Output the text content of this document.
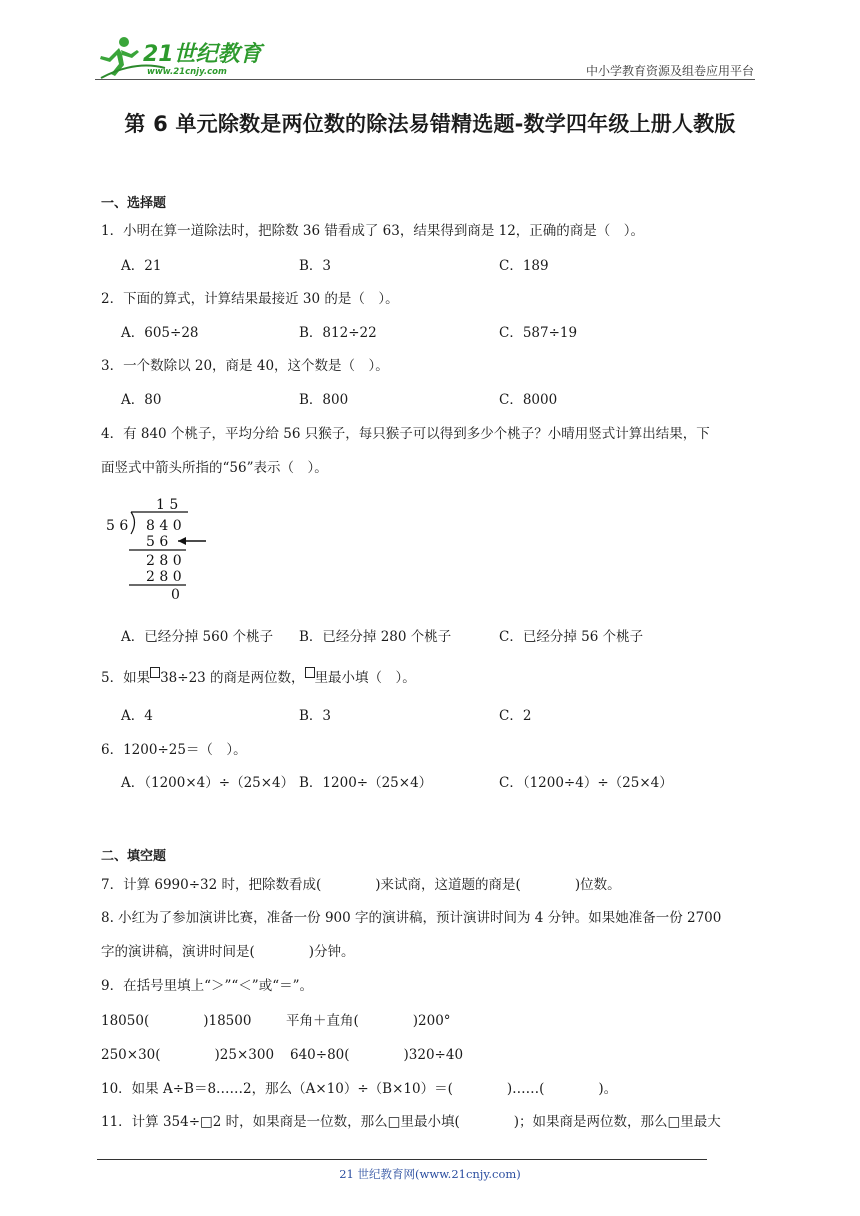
21世纪教育
www.21cnjy.com	中小学教育资源及组卷应用平台
第 6 单元除数是两位数的除法易错精选题-数学四年级上册人教版
一、选择题
1．小明在算一道除法时，把除数 36 错看成了 63，结果得到商是 12，正确的商是（　）。
A．21	B．3	C．189
2．下面的算式，计算结果最接近 30 的是（　）。
A．605÷28	B．812÷22	C．587÷19
3．一个数除以 20，商是 40，这个数是（　）。
A．80	B．800	C．8000
4．有 840 个桃子，平均分给 56 只猴子，每只猴子可以得到多少个桃子？小晴用竖式计算出结果，下
面竖式中箭头所指的“56”表示（　）。
1 5
5 6 8 4 0
5 6
2 8 0
2 8 0
0
A．已经分掉 560 个桃子 B．已经分掉 280 个桃子	C．已经分掉 56 个桃子
5．如果 38÷23 的商是两位数， 里最小填（　）。
A．4	B．3	C．2
6．1200÷25＝（　）。
A．（1200×4）÷（25×4） B．1200÷（25×4）	C．（1200÷4）÷（25×4）
二、填空题
7．计算 6990÷32 时，把除数看成(　　　　)来试商，这道题的商是(　　　　)位数。
8. 小红为了参加演讲比赛，准备一份 900 字的演讲稿，预计演讲时间为 4 分钟。如果她准备一份 2700
字的演讲稿，演讲时间是(　　　　)分钟。
9．在括号里填上“＞”“＜”或“＝”。
18050(　　　　)18500	平角＋直角(　　　　)200°
250×30(　　　　)25×300 640÷80(　　　　)320÷40
10．如果 A÷B＝8……2，那么（A×10）÷（B×10）＝(　　　　)……(　　　　)。
11．计算 354÷□2 时，如果商是一位数，那么□里最小填(　　　　)；如果商是两位数，那么□里最大
21 世纪教育网(www.21cnjy.com)
